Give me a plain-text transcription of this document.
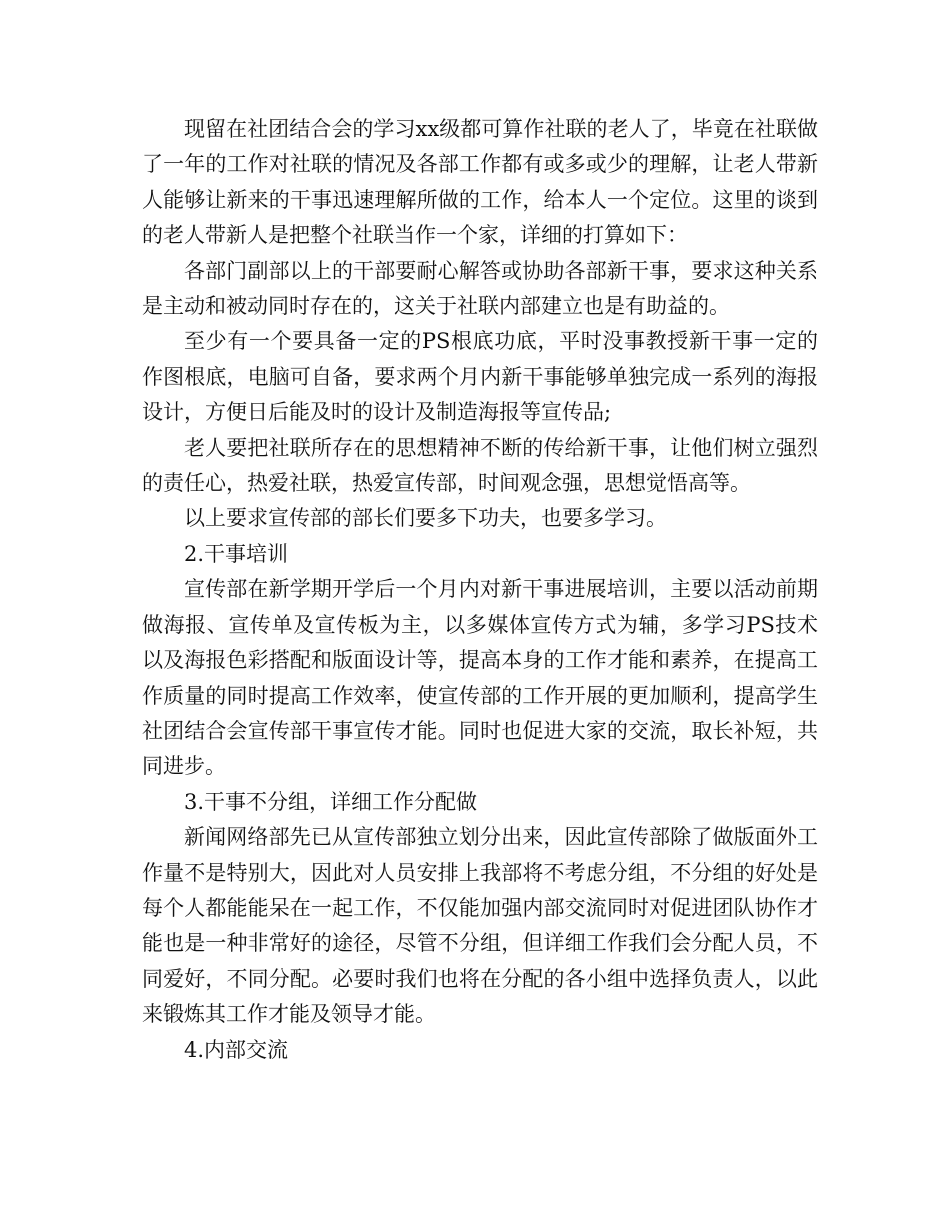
现留在社团结合会的学习xx级都可算作社联的老人了，毕竟在社联做了一年的工作对社联的情况及各部工作都有或多或少的理解，让老人带新人能够让新来的干事迅速理解所做的工作，给本人一个定位。这里的谈到的老人带新人是把整个社联当作一个家，详细的打算如下：

各部门副部以上的干部要耐心解答或协助各部新干事，要求这种关系是主动和被动同时存在的，这关于社联内部建立也是有助益的。

至少有一个要具备一定的PS根底功底，平时没事教授新干事一定的作图根底，电脑可自备，要求两个月内新干事能够单独完成一系列的海报设计，方便日后能及时的设计及制造海报等宣传品;

老人要把社联所存在的思想精神不断的传给新干事，让他们树立强烈的责任心，热爱社联，热爱宣传部，时间观念强，思想觉悟高等。

以上要求宣传部的部长们要多下功夫，也要多学习。

2.干事培训

宣传部在新学期开学后一个月内对新干事进展培训，主要以活动前期做海报、宣传单及宣传板为主，以多媒体宣传方式为辅，多学习PS技术以及海报色彩搭配和版面设计等，提高本身的工作才能和素养，在提高工作质量的同时提高工作效率，使宣传部的工作开展的更加顺利，提高学生社团结合会宣传部干事宣传才能。同时也促进大家的交流，取长补短，共同进步。

3.干事不分组，详细工作分配做

新闻网络部先已从宣传部独立划分出来，因此宣传部除了做版面外工作量不是特别大，因此对人员安排上我部将不考虑分组，不分组的好处是每个人都能能呆在一起工作，不仅能加强内部交流同时对促进团队协作才能也是一种非常好的途径，尽管不分组，但详细工作我们会分配人员，不同爱好，不同分配。必要时我们也将在分配的各小组中选择负责人，以此来锻炼其工作才能及领导才能。

4.内部交流
